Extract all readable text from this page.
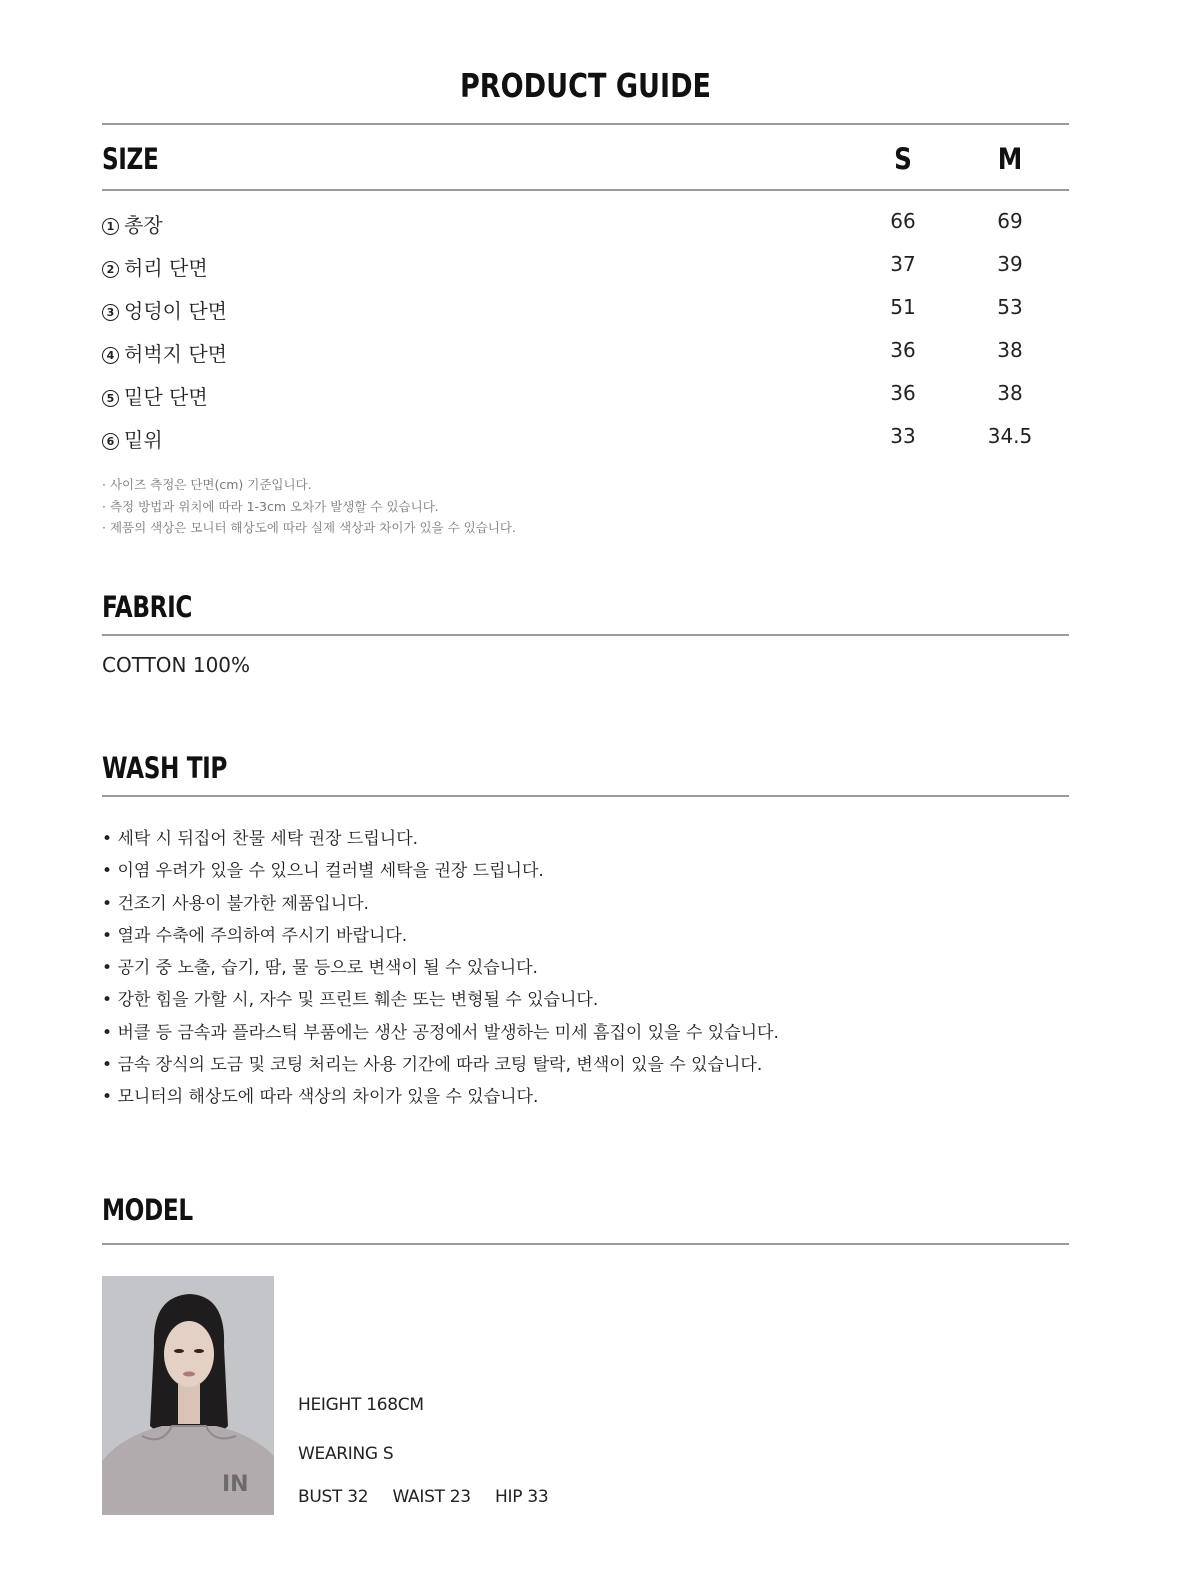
PRODUCT GUIDE
SIZE	S	M
1 총장	66	69
2 허리 단면	37	39
3 엉덩이 단면	51	53
4 허벅지 단면	36	38
5 밑단 단면	36	38
6 밑위	33	34.5
· 사이즈 측정은 단면(cm) 기준입니다.
· 측정 방법과 위치에 따라 1-3cm 오차가 발생할 수 있습니다.
· 제품의 색상은 모니터 해상도에 따라 실제 색상과 차이가 있을 수 있습니다.
FABRIC
COTTON 100%
WASH TIP
• 세탁 시 뒤집어 찬물 세탁 권장 드립니다.
• 이염 우려가 있을 수 있으니 컬러별 세탁을 권장 드립니다.
• 건조기 사용이 불가한 제품입니다.
• 열과 수축에 주의하여 주시기 바랍니다.
• 공기 중 노출, 습기, 땀, 물 등으로 변색이 될 수 있습니다.
• 강한 힘을 가할 시, 자수 및 프린트 훼손 또는 변형될 수 있습니다.
• 버클 등 금속과 플라스틱 부품에는 생산 공정에서 발생하는 미세 흠집이 있을 수 있습니다.
• 금속 장식의 도금 및 코팅 처리는 사용 기간에 따라 코팅 탈락, 변색이 있을 수 있습니다.
• 모니터의 해상도에 따라 색상의 차이가 있을 수 있습니다.
MODEL
IN
HEIGHT 168CM
WEARING S
BUST 32 WAIST 23 HIP 33
